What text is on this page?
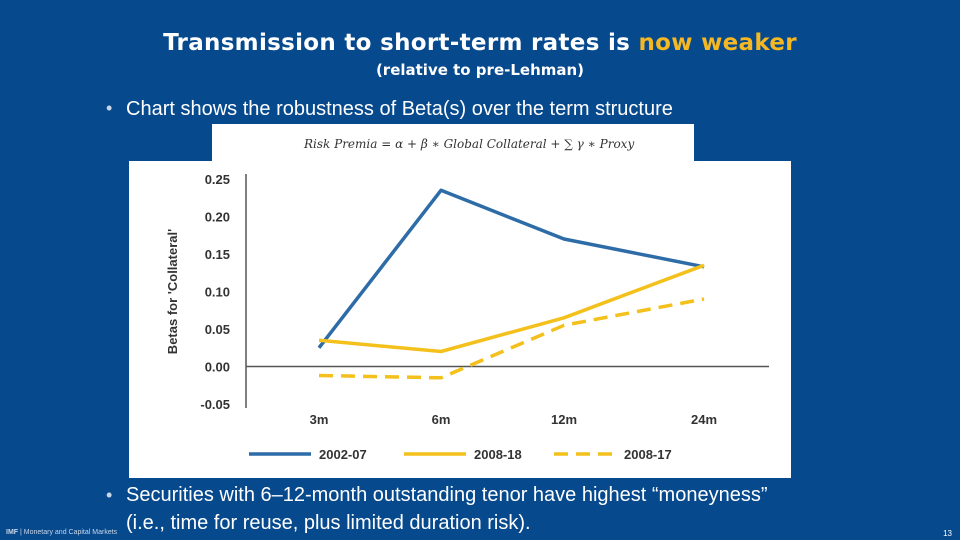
Transmission to short-term rates is now weaker
(relative to pre-Lehman)
• Chart shows the robustness of Beta(s) over the term structure
Risk Premia = α + β ∗ Global Collateral + ∑ γ ∗ Proxy
Betas for 'Collateral'
0.25
0.20
0.15
0.10
0.05
0.00
-0.05
3m	6m	12m	24m
2002-07	2008-18	2008-17
• Securities with 6–12-month outstanding tenor have highest “moneyness” (i.e., time for reuse, plus limited duration risk).
IMF | Monetary and Capital Markets	13
